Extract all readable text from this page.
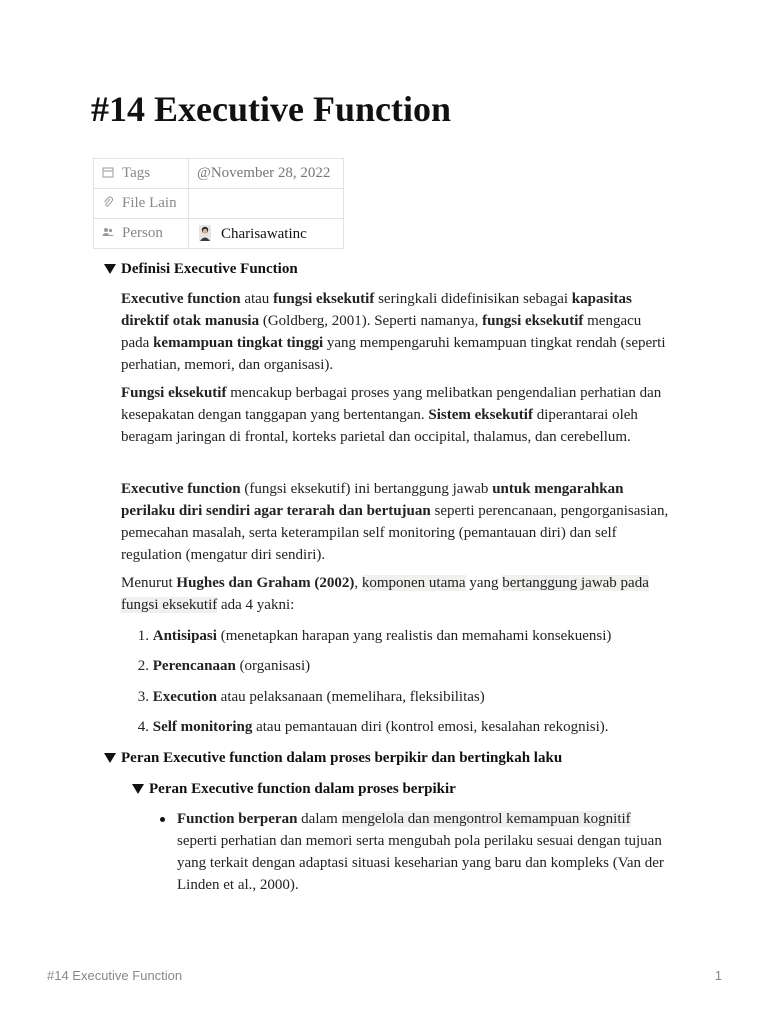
#14 Executive Function
Tags	@November 28, 2022
File Lain	
Person	Charisawatinc
Definisi Executive Function

Executive function atau fungsi eksekutif seringkali didefinisikan sebagai kapasitas direktif otak manusia (Goldberg, 2001). Seperti namanya, fungsi eksekutif mengacu pada kemampuan tingkat tinggi yang mempengaruhi kemampuan tingkat rendah (seperti perhatian, memori, dan organisasi).

Fungsi eksekutif mencakup berbagai proses yang melibatkan pengendalian perhatian dan kesepakatan dengan tanggapan yang bertentangan. Sistem eksekutif diperantarai oleh beragam jaringan di frontal, korteks parietal dan occipital, thalamus, dan cerebellum.

Executive function (fungsi eksekutif) ini bertanggung jawab untuk mengarahkan perilaku diri sendiri agar terarah dan bertujuan seperti perencanaan, pengorganisasian, pemecahan masalah, serta keterampilan self monitoring (pemantauan diri) dan self regulation (mengatur diri sendiri).

Menurut Hughes dan Graham (2002), komponen utama yang bertanggung jawab pada fungsi eksekutif ada 4 yakni:

1. Antisipasi (menetapkan harapan yang realistis dan memahami konsekuensi)
2. Perencanaan (organisasi)
3. Execution atau pelaksanaan (memelihara, fleksibilitas)
4. Self monitoring atau pemantauan diri (kontrol emosi, kesalahan rekognisi).
Peran Executive function dalam proses berpikir dan bertingkah laku
Peran Executive function dalam proses berpikir

Function berperan dalam mengelola dan mengontrol kemampuan kognitif seperti perhatian dan memori serta mengubah pola perilaku sesuai dengan tujuan yang terkait dengan adaptasi situasi keseharian yang baru dan kompleks (Van der Linden et al., 2000).

#14 Executive Function	1
